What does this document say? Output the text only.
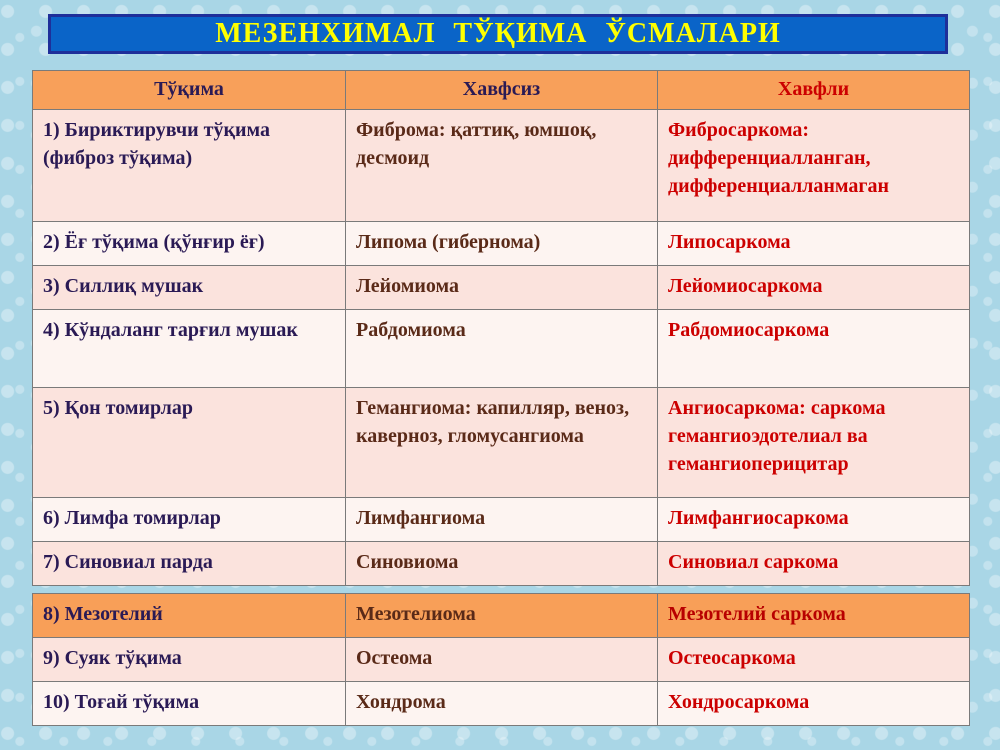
МЕЗЕНХИМАЛ ТЎҚИМА ЎСМАЛАРИ
Тўқима	Хавфсиз	Хавфли
1) Бириктирувчи тўқима (фиброз тўқима)	Фиброма: қаттиқ, юмшоқ, десмоид	Фибросаркома: дифференциалланган, дифференциалланмаган
2) Ёғ тўқима (қўнғир ёғ)	Липома (гибернома)	Липосаркома
3) Силлиқ мушак	Лейомиома	Лейомиосаркома
4) Кўндаланг тарғил мушак	Рабдомиома	Рабдомиосаркома
5) Қон томирлар	Гемангиома: капилляр, веноз, каверноз, гломусангиома	Ангиосаркома: саркома гемангиоэдотелиал ва гемангиоперицитар
6) Лимфа томирлар	Лимфангиома	Лимфангиосаркома
7) Синовиал парда	Синовиома	Синовиал саркома
8) Мезотелий	Мезотелиома	Мезотелий саркома
9) Суяк тўқима	Остеома	Остеосаркома
10) Тоғай тўқима	Хондрома	Хондросаркома
